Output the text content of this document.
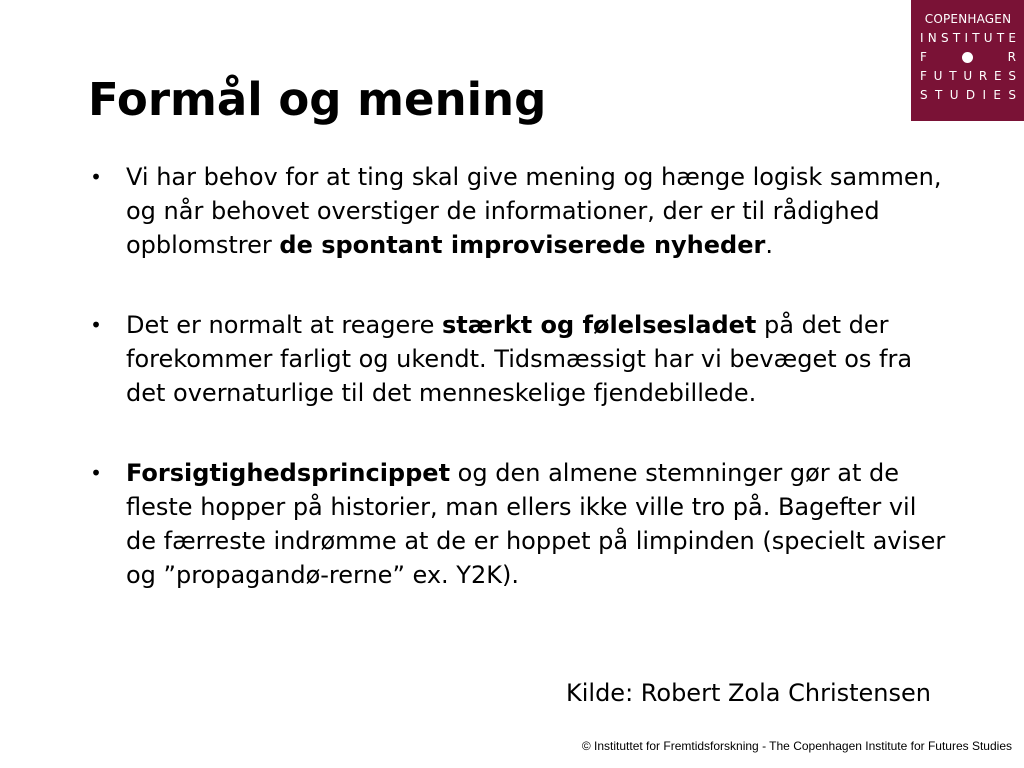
COPENHAGEN
I N S T I T U T E
F	R
F U T U R E S
S T U D I E S
Formål og mening
• Vi har behov for at ting skal give mening og hænge logisk sammen, og når behovet overstiger de informationer, der er til rådighed opblomstrer de spontant improviserede nyheder.
• Det er normalt at reagere stærkt og følelsesladet på det der forekommer farligt og ukendt. Tidsmæssigt har vi bevæget os fra det overnaturlige til det menneskelige fjendebillede.
• Forsigtighedsprincippet og den almene stemninger gør at de fleste hopper på historier, man ellers ikke ville tro på. Bagefter vil de færreste indrømme at de er hoppet på limpinden (specielt aviser og ”propagandø-rerne” ex. Y2K).
Kilde: Robert Zola Christensen
© Instituttet for Fremtidsforskning - The Copenhagen Institute for Futures Studies
